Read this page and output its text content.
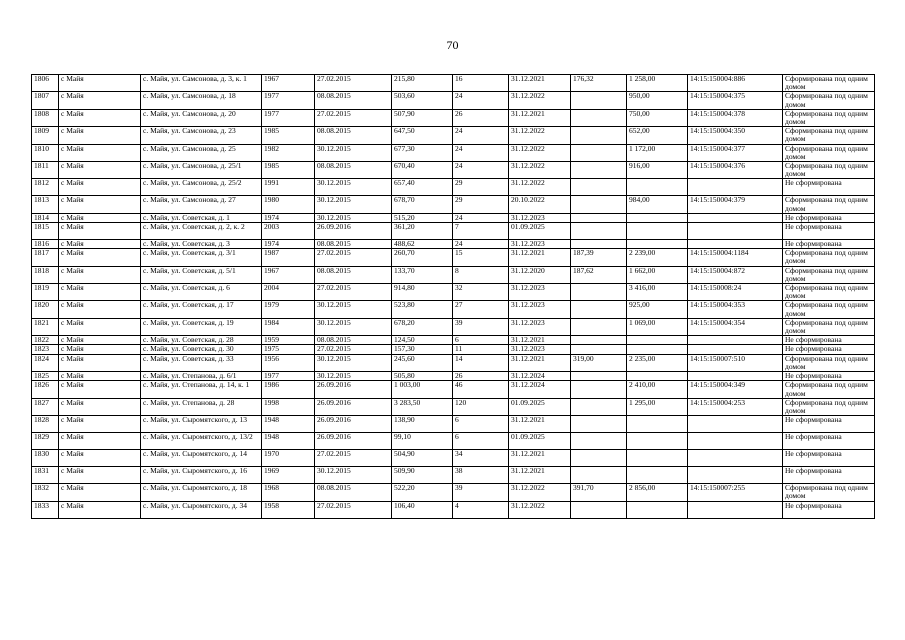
70
1806	с Майя	с. Майя, ул. Самсонова, д. 3, к. 1	1967	27.02.2015	215,80	16	31.12.2021	176,32	1 258,00	14:15:150004:886	Сформирована под одним домом
1807	с Майя	с. Майя, ул. Самсонова, д. 18	1977	08.08.2015	503,60	24	31.12.2022		950,00	14:15:150004:375	Сформирована под одним домом
1808	с Майя	с. Майя, ул. Самсонова, д. 20	1977	27.02.2015	507,90	26	31.12.2021		750,00	14:15:150004:378	Сформирована под одним домом
1809	с Майя	с. Майя, ул. Самсонова, д. 23	1985	08.08.2015	647,50	24	31.12.2022		652,00	14:15:150004:350	Сформирована под одним домом
1810	с Майя	с. Майя, ул. Самсонова, д. 25	1982	30.12.2015	677,30	24	31.12.2022		1 172,00	14:15:150004:377	Сформирована под одним домом
1811	с Майя	с. Майя, ул. Самсонова, д. 25/1	1985	08.08.2015	670,40	24	31.12.2022		916,00	14:15:150004:376	Сформирована под одним домом
1812	с Майя	с. Майя, ул. Самсонова, д. 25/2	1991	30.12.2015	657,40	29	31.12.2022				Не сформирована
1813	с Майя	с. Майя, ул. Самсонова, д. 27	1980	30.12.2015	678,70	29	20.10.2022		984,00	14:15:150004:379	Сформирована под одним домом
1814	с Майя	с. Майя, ул. Советская, д. 1	1974	30.12.2015	515,20	24	31.12.2023				Не сформирована
1815	с Майя	с. Майя, ул. Советская, д. 2, к. 2	2003	26.09.2016	361,20	7	01.09.2025				Не сформирована
1816	с Майя	с. Майя, ул. Советская, д. 3	1974	08.08.2015	488,62	24	31.12.2023				Не сформирована
1817	с Майя	с. Майя, ул. Советская, д. 3/1	1987	27.02.2015	260,70	15	31.12.2021	187,39	2 239,00	14:15:150004:1184	Сформирована под одним домом
1818	с Майя	с. Майя, ул. Советская, д. 5/1	1967	08.08.2015	133,70	8	31.12.2020	187,62	1 662,00	14:15:150004:872	Сформирована под одним домом
1819	с Майя	с. Майя, ул. Советская, д. 6	2004	27.02.2015	914,80	32	31.12.2023		3 416,00	14:15:150008:24	Сформирована под одним домом
1820	с Майя	с. Майя, ул. Советская, д. 17	1979	30.12.2015	523,80	27	31.12.2023		925,00	14:15:150004:353	Сформирована под одним домом
1821	с Майя	с. Майя, ул. Советская, д. 19	1984	30.12.2015	678,20	39	31.12.2023		1 069,00	14:15:150004:354	Сформирована под одним домом
1822	с Майя	с. Майя, ул. Советская, д. 28	1959	08.08.2015	124,50	6	31.12.2021				Не сформирована
1823	с Майя	с. Майя, ул. Советская, д. 30	1975	27.02.2015	157,30	11	31.12.2023				Не сформирована
1824	с Майя	с. Майя, ул. Советская, д. 33	1956	30.12.2015	245,60	14	31.12.2021	319,00	2 235,00	14:15:150007:510	Сформирована под одним домом
1825	с Майя	с. Майя, ул. Степанова, д. 6/1	1977	30.12.2015	505,80	26	31.12.2024				Не сформирована
1826	с Майя	с. Майя, ул. Степанова, д. 14, к. 1	1986	26.09.2016	1 003,00	46	31.12.2024		2 410,00	14:15:150004:349	Сформирована под одним домом
1827	с Майя	с. Майя, ул. Степанова, д. 28	1998	26.09.2016	3 283,50	120	01.09.2025		1 295,00	14:15:150004:253	Сформирована под одним домом
1828	с Майя	с. Майя, ул. Сыромятского, д. 13	1948	26.09.2016	138,90	6	31.12.2021				Не сформирована
1829	с Майя	с. Майя, ул. Сыромятского, д. 13/2	1948	26.09.2016	99,10	6	01.09.2025				Не сформирована
1830	с Майя	с. Майя, ул. Сыромятского, д. 14	1970	27.02.2015	504,90	34	31.12.2021				Не сформирована
1831	с Майя	с. Майя, ул. Сыромятского, д. 16	1969	30.12.2015	509,90	38	31.12.2021				Не сформирована
1832	с Майя	с. Майя, ул. Сыромятского, д. 18	1968	08.08.2015	522,20	39	31.12.2022	391,70	2 856,00	14:15:150007:255	Сформирована под одним домом
1833	с Майя	с. Майя, ул. Сыромятского, д. 34	1958	27.02.2015	106,40	4	31.12.2022				Не сформирована
